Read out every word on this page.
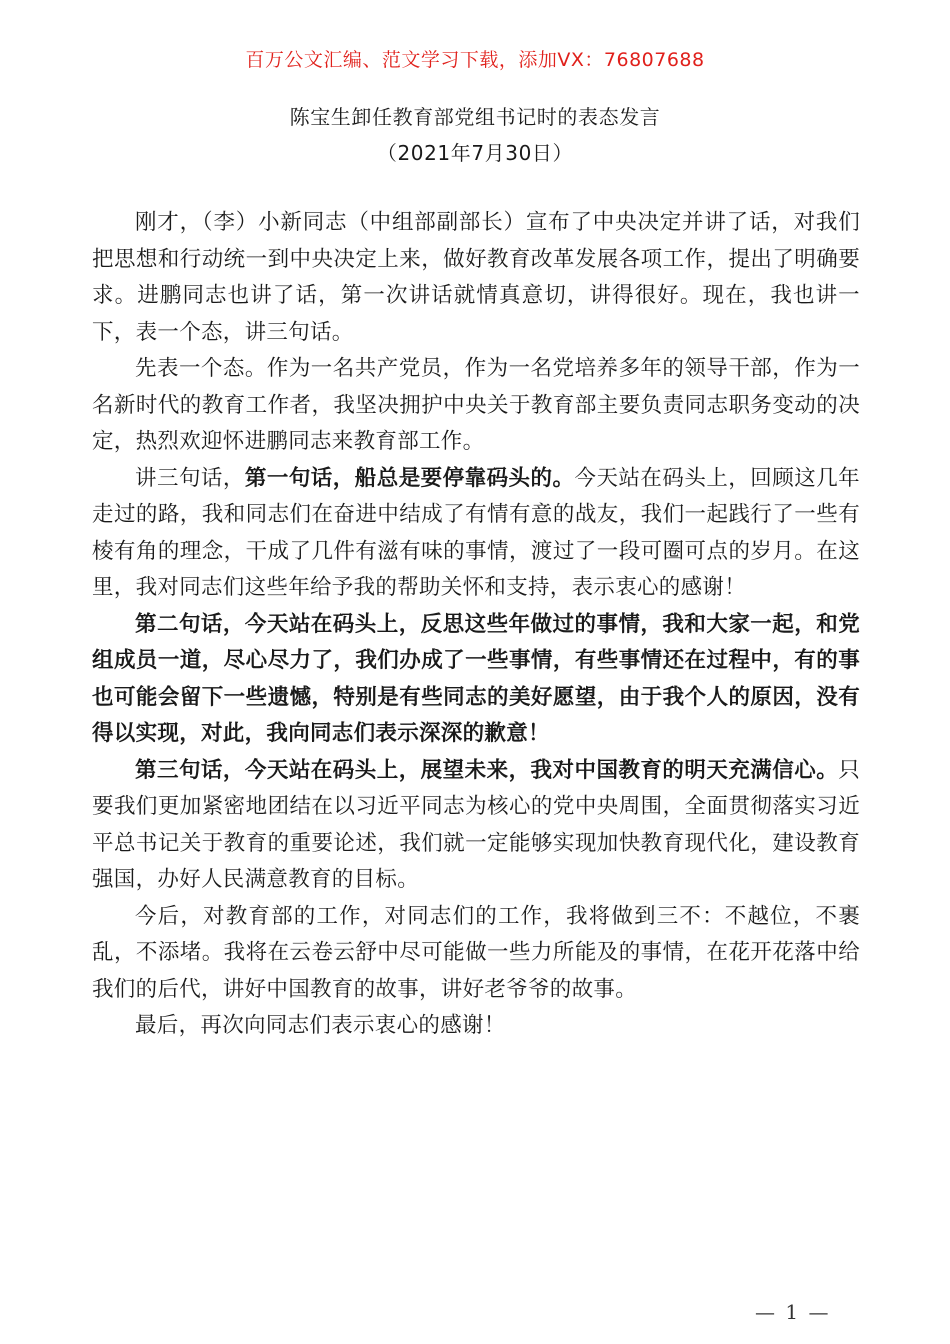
百万公文汇编、范文学习下载，添加VX：76807688
陈宝生卸任教育部党组书记时的表态发言
（2021年7月30日）

刚才，（李）小新同志（中组部副部长）宣布了中央决定并讲了话，对我们把思想和行动统一到中央决定上来，做好教育改革发展各项工作，提出了明确要求。进鹏同志也讲了话，第一次讲话就情真意切，讲得很好。现在，我也讲一下，表一个态，讲三句话。

先表一个态。作为一名共产党员，作为一名党培养多年的领导干部，作为一名新时代的教育工作者，我坚决拥护中央关于教育部主要负责同志职务变动的决定，热烈欢迎怀进鹏同志来教育部工作。

讲三句话，第一句话，船总是要停靠码头的。今天站在码头上，回顾这几年走过的路，我和同志们在奋进中结成了有情有意的战友，我们一起践行了一些有棱有角的理念，干成了几件有滋有味的事情，渡过了一段可圈可点的岁月。在这里，我对同志们这些年给予我的帮助关怀和支持，表示衷心的感谢！

第二句话，今天站在码头上，反思这些年做过的事情，我和大家一起，和党组成员一道，尽心尽力了，我们办成了一些事情，有些事情还在过程中，有的事也可能会留下一些遗憾，特别是有些同志的美好愿望，由于我个人的原因，没有得以实现，对此，我向同志们表示深深的歉意！

第三句话，今天站在码头上，展望未来，我对中国教育的明天充满信心。只要我们更加紧密地团结在以习近平同志为核心的党中央周围，全面贯彻落实习近平总书记关于教育的重要论述，我们就一定能够实现加快教育现代化，建设教育强国，办好人民满意教育的目标。

今后，对教育部的工作，对同志们的工作，我将做到三不：不越位，不裹乱，不添堵。我将在云卷云舒中尽可能做一些力所能及的事情，在花开花落中给我们的后代，讲好中国教育的故事，讲好老爷爷的故事。

最后，再次向同志们表示衷心的感谢！

— 1 —
